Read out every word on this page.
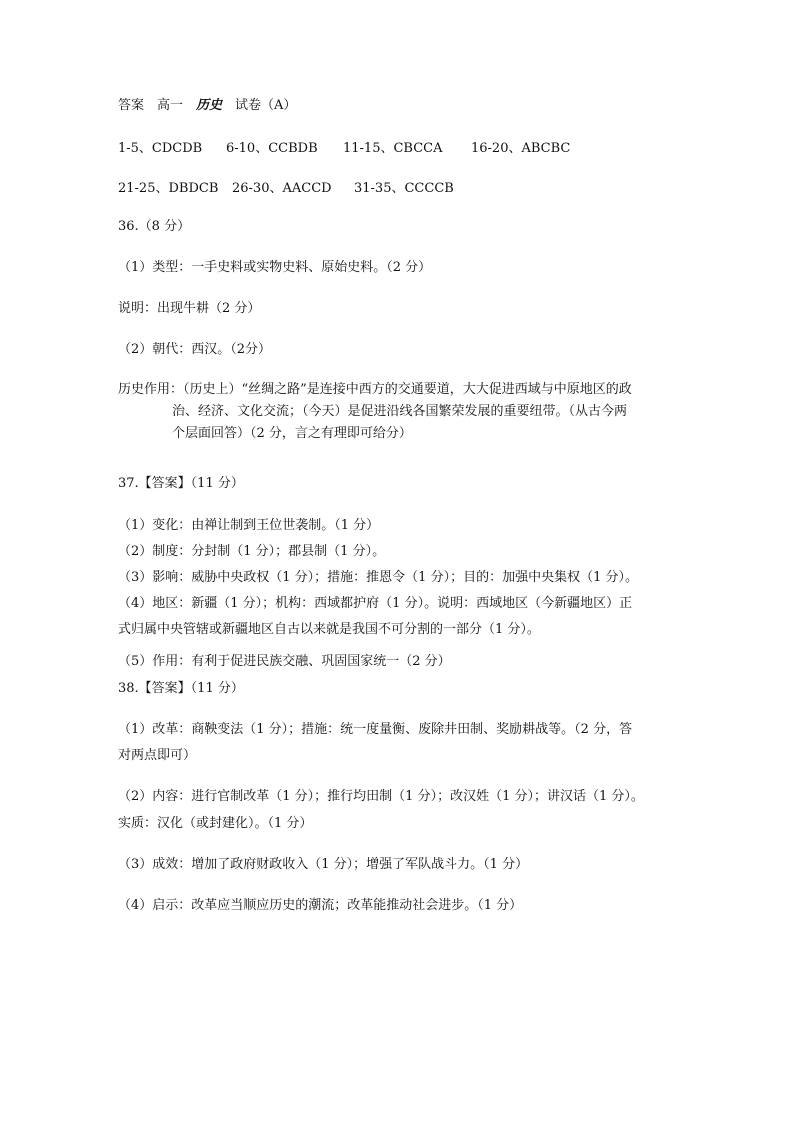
答案　高一　历史　试卷（A）
1-5、CDCDB 6-10、CCBDB 11-15、CBCCA 16-20、ABCBC
21-25、DBDCB 26-30、AACCD 31-35、CCCCB
36.（8 分）
（1）类型：一手史料或实物史料、原始史料。（2 分）
说明：出现牛耕（2 分）
（2）朝代：西汉。（2分）
历史作用：（历史上）“丝绸之路”是连接中西方的交通要道，大大促进西域与中原地区的政
治、经济、文化交流；（今天）是促进沿线各国繁荣发展的重要纽带。（从古今两
个层面回答）（2 分，言之有理即可给分）
37.【答案】（11 分）
（1）变化：由禅让制到王位世袭制。（1 分）
（2）制度：分封制（1 分）；郡县制（1 分）。
（3）影响：威胁中央政权（1 分）；措施：推恩令（1 分）；目的：加强中央集权（1 分）。
（4）地区：新疆（1 分）；机构：西域都护府（1 分）。说明：西域地区（今新疆地区）正
式归属中央管辖或新疆地区自古以来就是我国不可分割的一部分（1 分）。
（5）作用：有利于促进民族交融、巩固国家统一（2 分）
38.【答案】（11 分）
（1）改革：商鞅变法（1 分）；措施：统一度量衡、废除井田制、奖励耕战等。（2 分，答
对两点即可）
（2）内容：进行官制改革（1 分）；推行均田制（1 分）；改汉姓（1 分）；讲汉话（1 分）。
实质：汉化（或封建化）。（1 分）
（3）成效：增加了政府财政收入（1 分）；增强了军队战斗力。（1 分）
（4）启示：改革应当顺应历史的潮流；改革能推动社会进步。（1 分）
